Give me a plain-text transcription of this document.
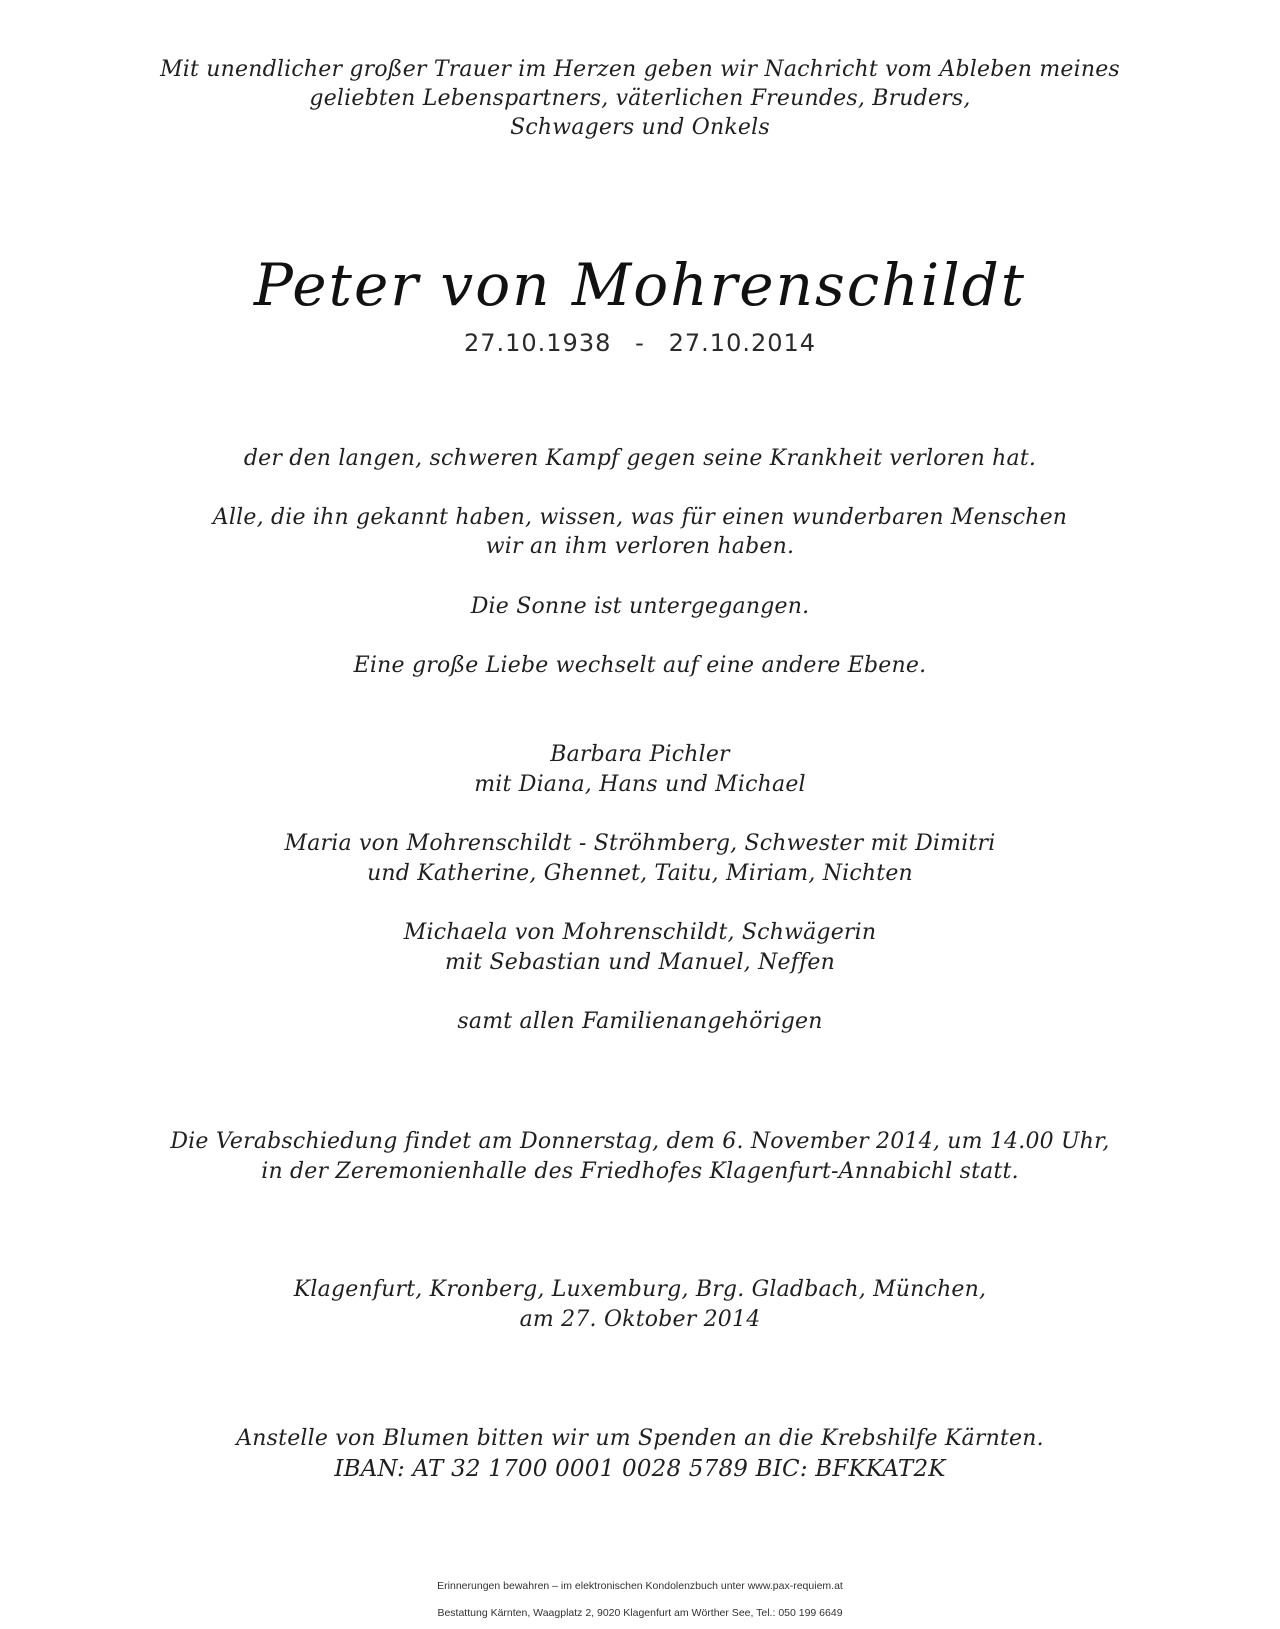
Mit unendlicher großer Trauer im Herzen geben wir Nachricht vom Ableben meines
geliebten Lebenspartners, väterlichen Freundes, Bruders,
Schwagers und Onkels
Peter von Mohrenschildt
27.10.1938 - 27.10.2014
der den langen, schweren Kampf gegen seine Krankheit verloren hat.
Alle, die ihn gekannt haben, wissen, was für einen wunderbaren Menschen
wir an ihm verloren haben.
Die Sonne ist untergegangen.
Eine große Liebe wechselt auf eine andere Ebene.
Barbara Pichler
mit Diana, Hans und Michael
Maria von Mohrenschildt - Ströhmberg, Schwester mit Dimitri
und Katherine, Ghennet, Taitu, Miriam, Nichten
Michaela von Mohrenschildt, Schwägerin
mit Sebastian und Manuel, Neffen
samt allen Familienangehörigen
Die Verabschiedung findet am Donnerstag, dem 6. November 2014, um 14.00 Uhr,
in der Zeremonienhalle des Friedhofes Klagenfurt-Annabichl statt.
Klagenfurt, Kronberg, Luxemburg, Brg. Gladbach, München,
am 27. Oktober 2014
Anstelle von Blumen bitten wir um Spenden an die Krebshilfe Kärnten.
IBAN: AT 32 1700 0001 0028 5789 BIC: BFKKAT2K
Erinnerungen bewahren – im elektronischen Kondolenzbuch unter www.pax-requiem.at
Bestattung Kärnten, Waagplatz 2, 9020 Klagenfurt am Wörther See, Tel.: 050 199 6649
